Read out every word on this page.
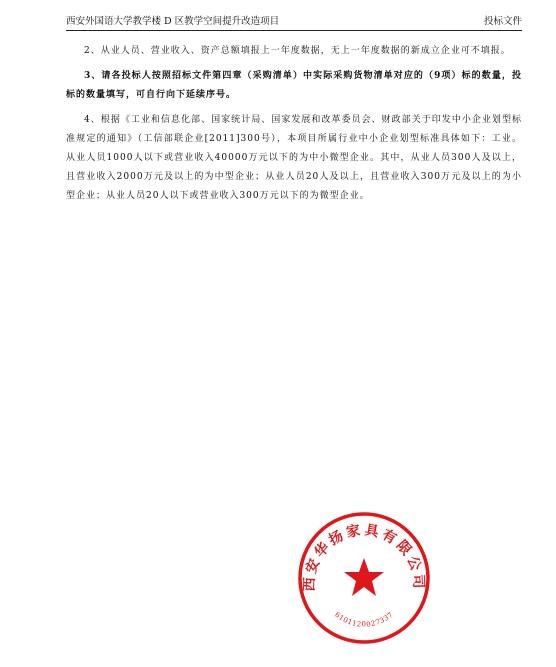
西安外国语大学教学楼 D 区教学空间提升改造项目	投标文件

2、从业人员、营业收入、资产总额填报上一年度数据，无上一年度数据的新成立企业可不填报。

3、请各投标人按照招标文件第四章（采购清单）中实际采购货物清单对应的（9项）标的数量，投标的数量填写，可自行向下延续序号。

4、根据《工业和信息化部、国家统计局、国家发展和改革委员会、财政部关于印发中小企业划型标准规定的通知》（工信部联企业[2011]300号），本项目所属行业中小企业划型标准具体如下：工业。从业人员1000人以下或营业收入40000万元以下的为中小微型企业。其中，从业人员300人及以上，且营业收入2000万元及以上的为中型企业；从业人员20人及以上，且营业收入300万元及以上的为小型企业；从业人员20人以下或营业收入300万元以下的为微型企业。

西安华扬家具有限公司
6101120027337
